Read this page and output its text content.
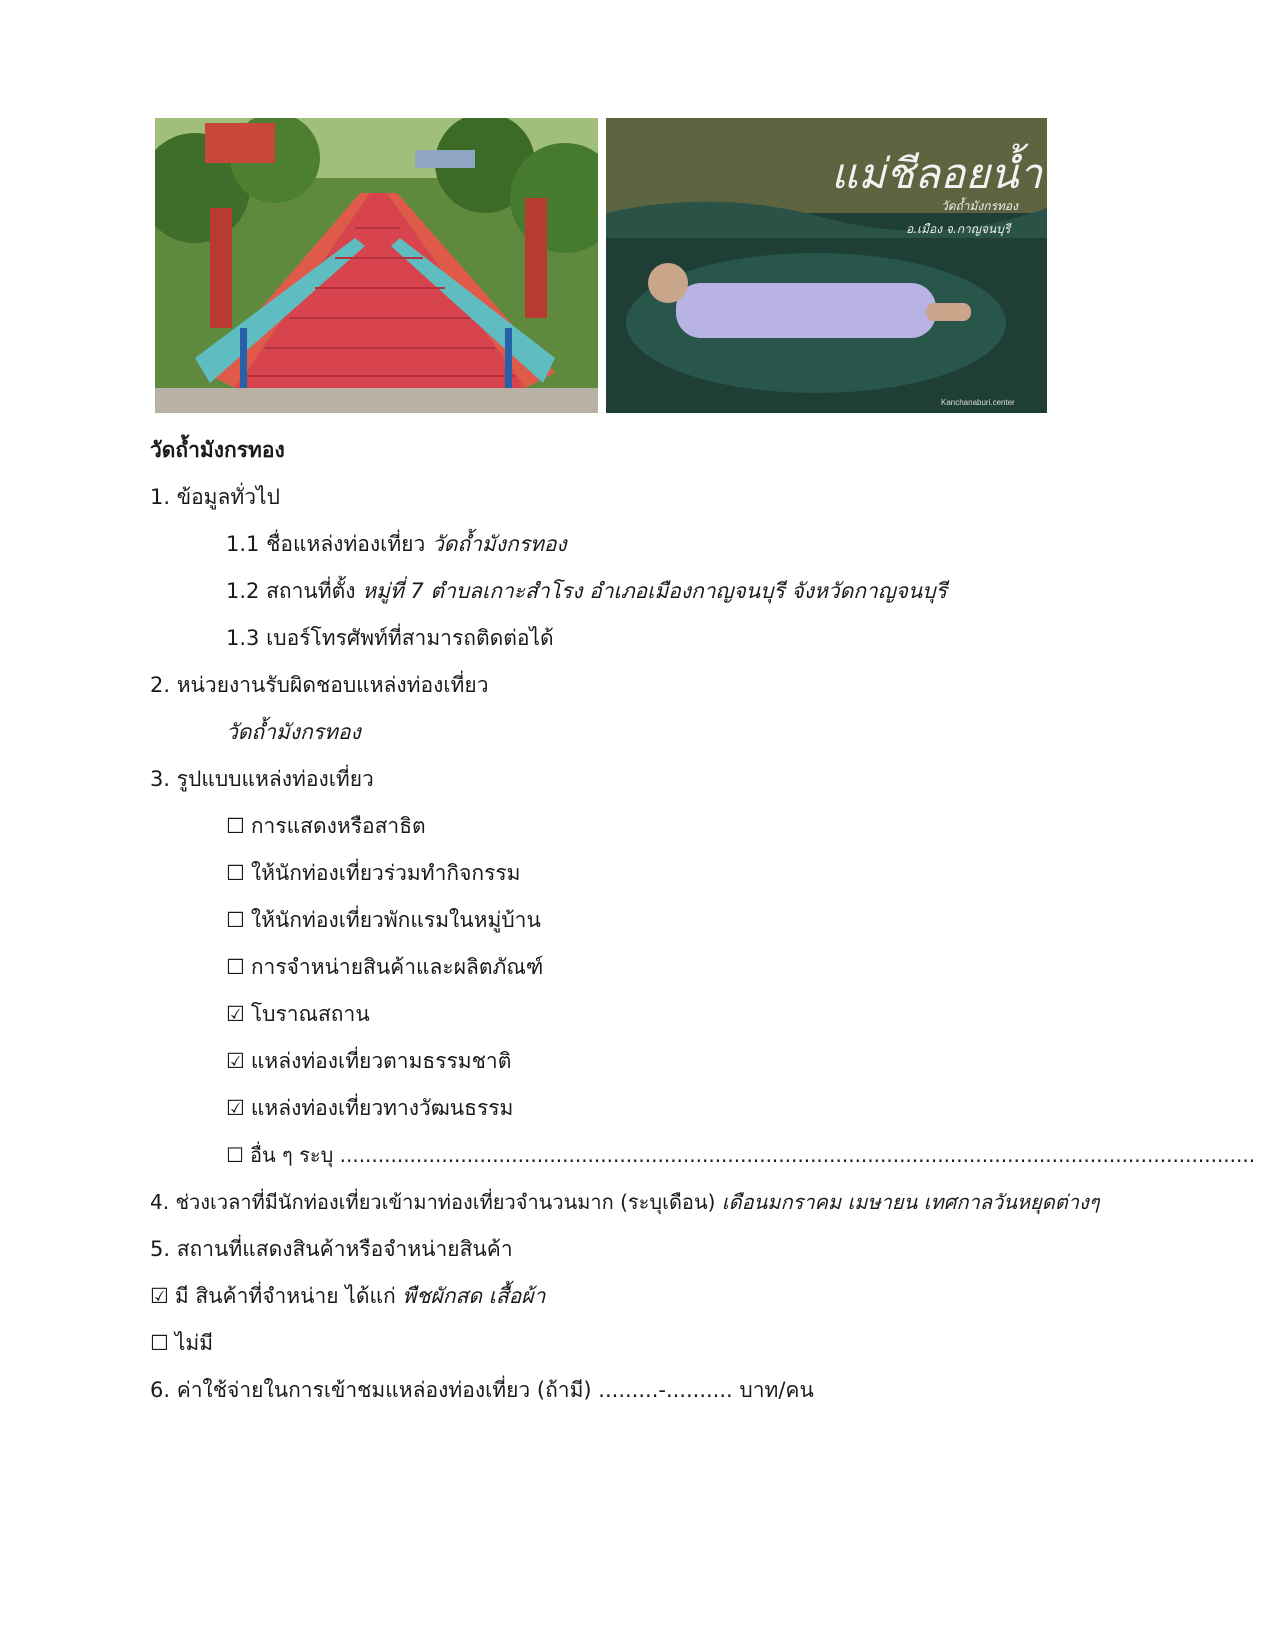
แม่ชีลอยน้ำ
วัดถ้ำมังกรทอง
อ.เมือง จ.กาญจนบุรี
Kanchanaburi.center
วัดถ้ำมังกรทอง
1. ข้อมูลทั่วไป
1.1 ชื่อแหล่งท่องเที่ยว วัดถ้ำมังกรทอง
1.2 สถานที่ตั้ง หมู่ที่ 7 ตำบลเกาะสำโรง อำเภอเมืองกาญจนบุรี จังหวัดกาญจนบุรี
1.3 เบอร์โทรศัพท์ที่สามารถติดต่อได้
2. หน่วยงานรับผิดชอบแหล่งท่องเที่ยว
วัดถ้ำมังกรทอง
3. รูปแบบแหล่งท่องเที่ยว
☐ การแสดงหรือสาธิต
☐ ให้นักท่องเที่ยวร่วมทำกิจกรรม
☐ ให้นักท่องเที่ยวพักแรมในหมู่บ้าน
☐ การจำหน่ายสินค้าและผลิตภัณฑ์
☑ โบราณสถาน
☑ แหล่งท่องเที่ยวตามธรรมชาติ
☑ แหล่งท่องเที่ยวทางวัฒนธรรม
☐ อื่น ๆ ระบุ ................................................................................................................................................
4. ช่วงเวลาที่มีนักท่องเที่ยวเข้ามาท่องเที่ยวจำนวนมาก (ระบุเดือน) เดือนมกราคม เมษายน เทศกาลวันหยุดต่างๆ
5. สถานที่แสดงสินค้าหรือจำหน่ายสินค้า
☑ มี สินค้าที่จำหน่าย ได้แก่ พืชผักสด เสื้อผ้า
☐ ไม่มี
6. ค่าใช้จ่ายในการเข้าชมแหล่องท่องเที่ยว (ถ้ามี) .........-.......... บาท/คน
